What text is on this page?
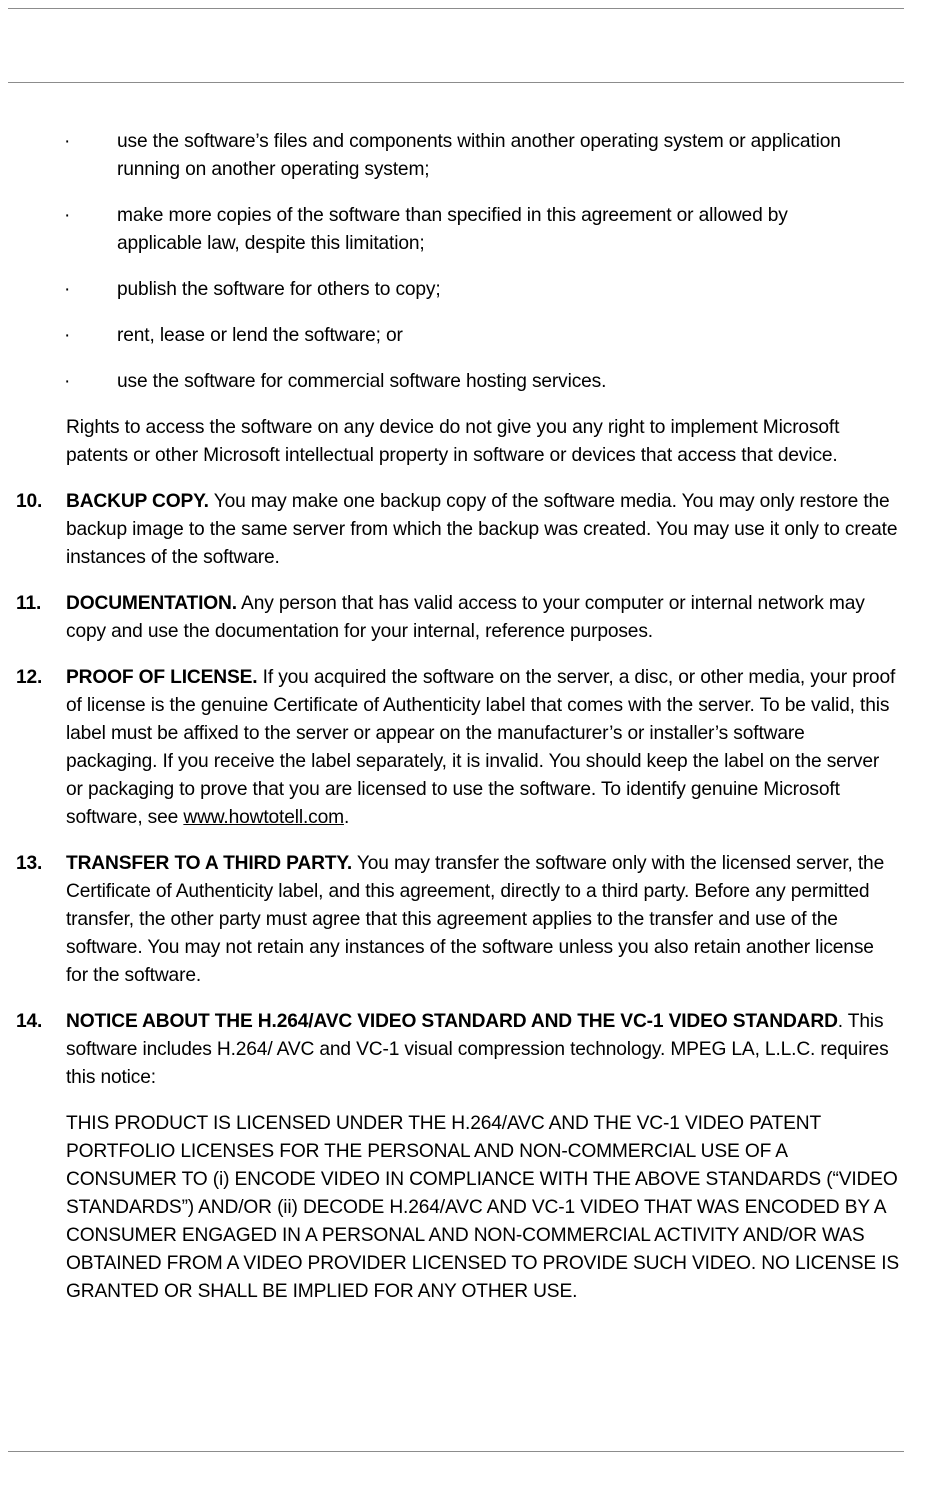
·	use the software’s files and components within another operating system or application running on another operating system;
·	make more copies of the software than specified in this agreement or allowed by applicable law, despite this limitation;
·	publish the software for others to copy;
·	rent, lease or lend the software; or
·	use the software for commercial software hosting services.

Rights to access the software on any device do not give you any right to implement Microsoft patents or other Microsoft intellectual property in software or devices that access that device.

10. BACKUP COPY. You may make one backup copy of the software media. You may only restore the backup image to the same server from which the backup was created. You may use it only to create instances of the software.
11. DOCUMENTATION. Any person that has valid access to your computer or internal network may copy and use the documentation for your internal, reference purposes.
12. PROOF OF LICENSE. If you acquired the software on the server, a disc, or other media, your proof of license is the genuine Certificate of Authenticity label that comes with the server. To be valid, this label must be affixed to the server or appear on the manufacturer’s or installer’s software packaging. If you receive the label separately, it is invalid. You should keep the label on the server or packaging to prove that you are licensed to use the software. To identify genuine Microsoft software, see www.howtotell.com.
13. TRANSFER TO A THIRD PARTY. You may transfer the software only with the licensed server, the Certificate of Authenticity label, and this agreement, directly to a third party. Before any permitted transfer, the other party must agree that this agreement applies to the transfer and use of the software. You may not retain any instances of the software unless you also retain another license for the software.
14. NOTICE ABOUT THE H.264/AVC VIDEO STANDARD AND THE VC-1 VIDEO STANDARD. This software includes H.264/ AVC and VC-1 visual compression technology. MPEG LA, L.L.C. requires this notice:

THIS PRODUCT IS LICENSED UNDER THE H.264/AVC AND THE VC-1 VIDEO PATENT PORTFOLIO LICENSES FOR THE PERSONAL AND NON-COMMERCIAL USE OF A CONSUMER TO (i) ENCODE VIDEO IN COMPLIANCE WITH THE ABOVE STANDARDS (“VIDEO STANDARDS”) AND/OR (ii) DECODE H.264/AVC AND VC-1 VIDEO THAT WAS ENCODED BY A CONSUMER ENGAGED IN A PERSONAL AND NON-COMMERCIAL ACTIVITY AND/OR WAS OBTAINED FROM A VIDEO PROVIDER LICENSED TO PROVIDE SUCH VIDEO. NO LICENSE IS GRANTED OR SHALL BE IMPLIED FOR ANY OTHER USE.
